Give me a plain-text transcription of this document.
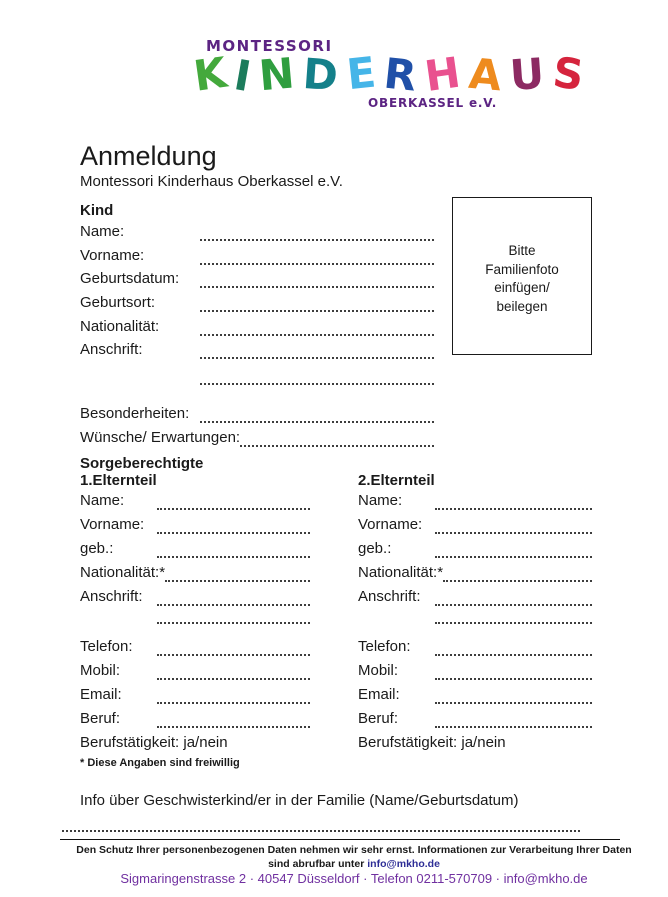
MONTESSORI
K I N D E R H A U S
OBERKASSEL e.V.
Anmeldung
Montessori Kinderhaus Oberkassel e.V.
Bitte
Familienfoto
einfügen/
beilegen
Kind
Name:
Vorname:
Geburtsdatum:
Geburtsort:
Nationalität:
Anschrift:
Besonderheiten:
Wünsche/ Erwartungen:
Sorgeberechtigte
1.Elternteil
Name:
Vorname:
geb.:
Nationalität:*
Anschrift:
Telefon:
Mobil:
Email:
Beruf:
Berufstätigkeit: ja/nein
2.Elternteil
Name:
Vorname:
geb.:
Nationalität:*
Anschrift:
Telefon:
Mobil:
Email:
Beruf:
Berufstätigkeit: ja/nein
* Diese Angaben sind freiwillig
Info über Geschwisterkind/er in der Familie (Name/Geburtsdatum)
Den Schutz Ihrer personenbezogenen Daten nehmen wir sehr ernst. Informationen zur Verarbeitung Ihrer Daten
sind abrufbar unter info@mkho.de
Sigmaringenstrasse 2 · 40547 Düsseldorf · Telefon 0211-570709 · info@mkho.de
